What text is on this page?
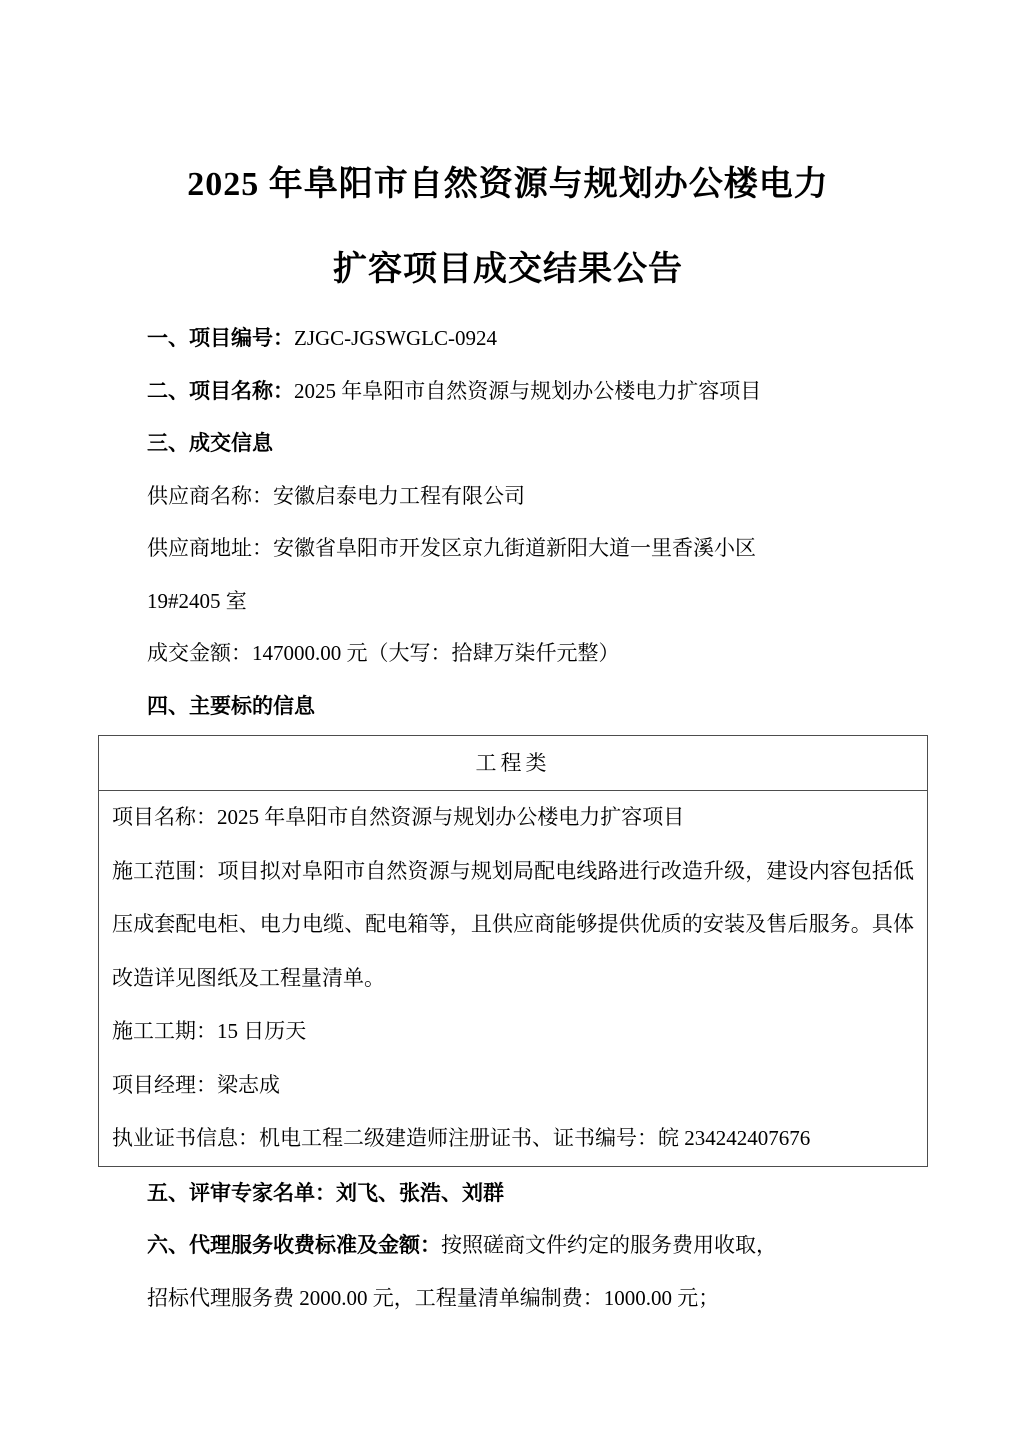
2025 年阜阳市自然资源与规划办公楼电力
扩容项目成交结果公告
一、项目编号：ZJGC-JGSWGLC-0924
二、项目名称：2025 年阜阳市自然资源与规划办公楼电力扩容项目
三、成交信息
供应商名称：安徽启泰电力工程有限公司
供应商地址：安徽省阜阳市开发区京九街道新阳大道一里香溪小区
19#2405 室
成交金额：147000.00 元（大写：拾肆万柒仟元整）
四、主要标的信息
工程类

项目名称：2025 年阜阳市自然资源与规划办公楼电力扩容项目
施工范围：项目拟对阜阳市自然资源与规划局配电线路进行改造升级，建设内容包括低压成套配电柜、电力电缆、配电箱等，且供应商能够提供优质的安装及售后服务。具体改造详见图纸及工程量清单。
施工工期：15 日历天
项目经理：梁志成
执业证书信息：机电工程二级建造师注册证书、证书编号：皖 234242407676
五、评审专家名单：刘飞、张浩、刘群
六、代理服务收费标准及金额：按照磋商文件约定的服务费用收取，
招标代理服务费 2000.00 元，工程量清单编制费：1000.00 元；
